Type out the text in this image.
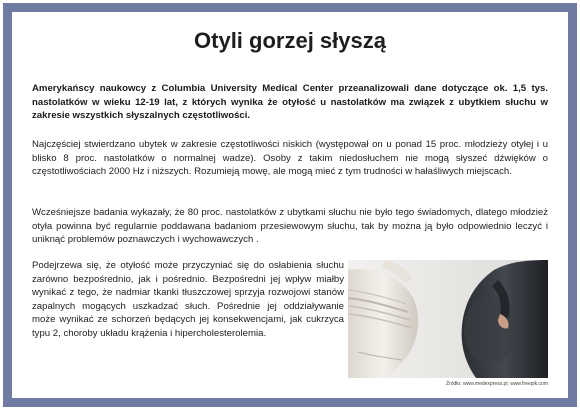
Otyli gorzej słyszą
Amerykańscy naukowcy z Columbia University Medical Center przeanalizowali dane dotyczące ok. 1,5 tys. nastolatków w wieku 12-19 lat, z których wynika że otyłość u nastolatków ma związek z ubytkiem słuchu w zakresie wszystkich słyszalnych częstotliwości.
Najczęściej stwierdzano ubytek w zakresie częstotliwości niskich (występował on u ponad 15 proc. młodzieży otyłej i u blisko 8 proc. nastolatków o normalnej wadze). Osoby z takim niedosłuchem nie mogą słyszeć dźwięków o częstotliwościach 2000 Hz i niższych. Rozumieją mowę, ale mogą mieć z tym trudności w hałaśliwych miejscach.
Wcześniejsze badania wykazały, że 80 proc. nastolatków z ubytkami słuchu nie było tego świadomych, dlatego młodzież otyła powinna być regularnie poddawana badaniom przesiewowym słuchu, tak by można ją było odpowiednio leczyć i uniknąć problemów poznawczych i wychowawczych .
Podejrzewa się, że otyłość może przyczyniać się do osłabienia słuchu zarówno bezpośrednio, jak i pośrednio. Bezpośredni jej wpływ miałby wynikać z tego, że nadmiar tkanki tłuszczowej sprzyja rozwojowi stanów zapalnych mogących uszkadzać słuch. Pośrednie jej oddziaływanie może wynikać ze schorzeń będących jej konsekwencjami, jak cukrzyca typu 2, choroby układu krążenia i hipercholesterolemia.
Źródło: www.medexpress.pl; www.freepik.com
